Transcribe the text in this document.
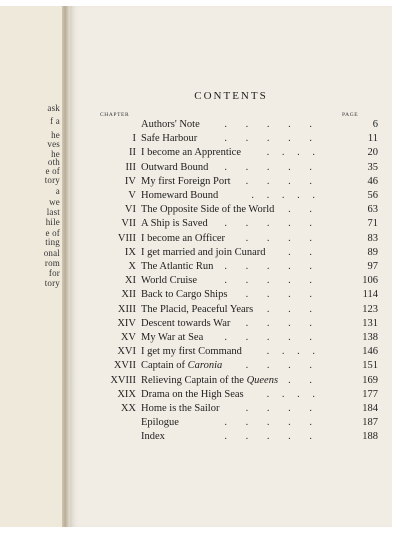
ask
f a
he
ves
he
oth
e of
tory
a
we
last
hile
e of
ting
onal
rom
for
tory
CONTENTS
CHAPTER	PAGE
Authors' Note . . . . .	6
I Safe Harbour	. . . . .	11
II I become an Apprentice . . . .	20
III Outward Bound . . . . .	35
IV My first Foreign Port . . . .	46
V Homeward Bound	. . . . .	56
VI The Opposite Side of the World . .	63
VII A Ship is Saved . . . . .	71
VIII I become an Officer . . . .	83
IX I get married and join Cunard . .	89
X The Atlantic Run . . . . .	97
XI World Cruise	. . . . .	106
XII Back to Cargo Ships . . . .	114
XIII The Placid, Peaceful Years . . .	123
XIV Descent towards War . . . .	131
XV My War at Sea . . . . .	138
XVI I get my first Command . . . .	146
XVII Captain of Caronia . . . .	151
XVIII Relieving Captain of the Queens . .	169
XIX Drama on the High Seas . . . .	177
XX Home is the Sailor . . . .	184
Epilogue	. . . . .	187
Index	. . . . .	188
